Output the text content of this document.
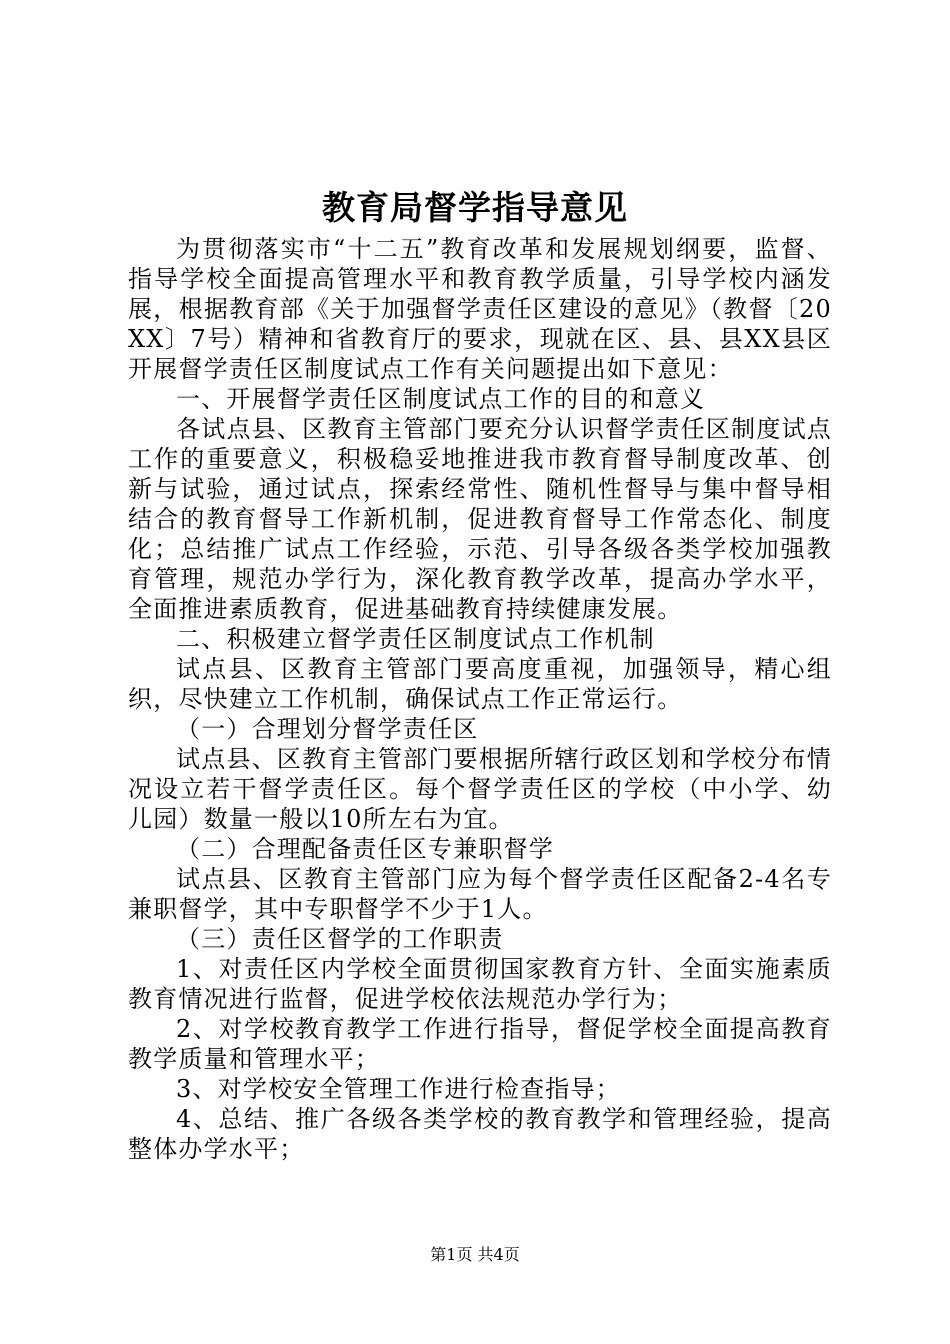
教育局督学指导意见

为贯彻落实市“十二五”教育改革和发展规划纲要，监督、指导学校全面提高管理水平和教育教学质量，引导学校内涵发展，根据教育部《关于加强督学责任区建设的意见》（教督〔20XX〕7号）精神和省教育厅的要求，现就在区、县、县XX县区开展督学责任区制度试点工作有关问题提出如下意见：

一、开展督学责任区制度试点工作的目的和意义

各试点县、区教育主管部门要充分认识督学责任区制度试点工作的重要意义，积极稳妥地推进我市教育督导制度改革、创新与试验，通过试点，探索经常性、随机性督导与集中督导相结合的教育督导工作新机制，促进教育督导工作常态化、制度化；总结推广试点工作经验，示范、引导各级各类学校加强教育管理，规范办学行为，深化教育教学改革，提高办学水平，全面推进素质教育，促进基础教育持续健康发展。

二、积极建立督学责任区制度试点工作机制

试点县、区教育主管部门要高度重视，加强领导，精心组织，尽快建立工作机制，确保试点工作正常运行。

（一）合理划分督学责任区

试点县、区教育主管部门要根据所辖行政区划和学校分布情况设立若干督学责任区。每个督学责任区的学校（中小学、幼儿园）数量一般以10所左右为宜。

（二）合理配备责任区专兼职督学

试点县、区教育主管部门应为每个督学责任区配备2-4名专兼职督学，其中专职督学不少于1人。

（三）责任区督学的工作职责

1、对责任区内学校全面贯彻国家教育方针、全面实施素质教育情况进行监督，促进学校依法规范办学行为；

2、对学校教育教学工作进行指导，督促学校全面提高教育教学质量和管理水平；

3、对学校安全管理工作进行检查指导；

4、总结、推广各级各类学校的教育教学和管理经验，提高整体办学水平；

第1页 共4页
